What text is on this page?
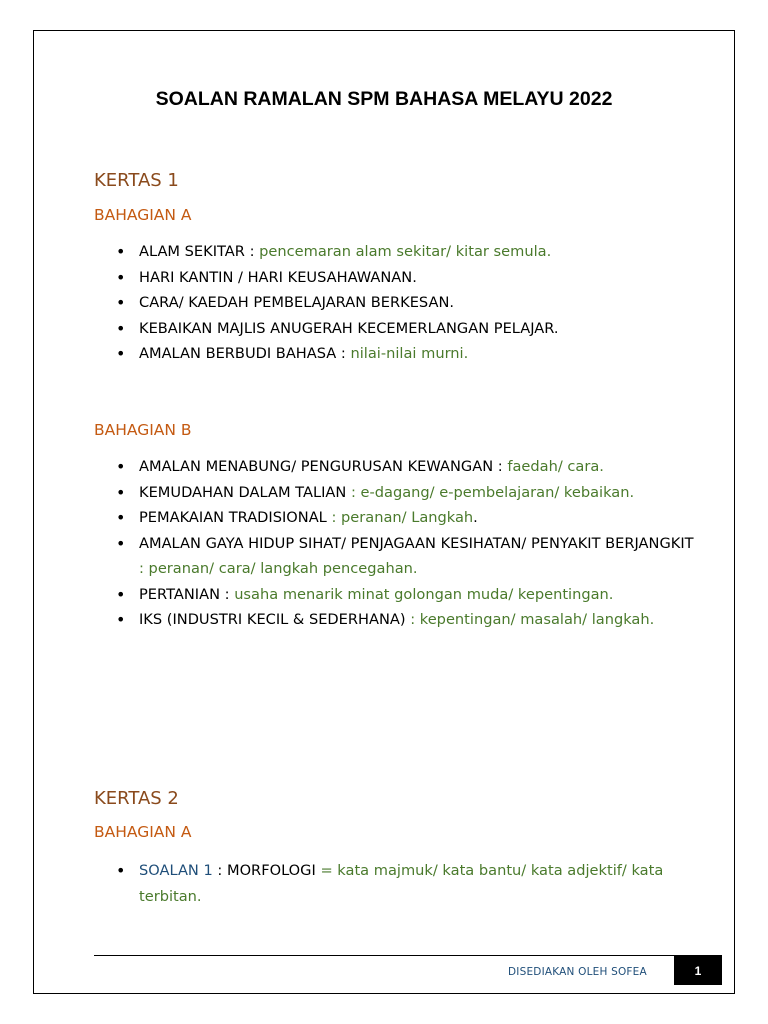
SOALAN RAMALAN SPM BAHASA MELAYU 2022
KERTAS 1
BAHAGIAN A
• ALAM SEKITAR : pencemaran alam sekitar/ kitar semula.
• HARI KANTIN / HARI KEUSAHAWANAN.
• CARA/ KAEDAH PEMBELAJARAN BERKESAN.
• KEBAIKAN MAJLIS ANUGERAH KECEMERLANGAN PELAJAR.
• AMALAN BERBUDI BAHASA : nilai-nilai murni.
BAHAGIAN B
• AMALAN MENABUNG/ PENGURUSAN KEWANGAN : faedah/ cara.
• KEMUDAHAN DALAM TALIAN : e-dagang/ e-pembelajaran/ kebaikan.
• PEMAKAIAN TRADISIONAL : peranan/ Langkah.
• AMALAN GAYA HIDUP SIHAT/ PENJAGAAN KESIHATAN/ PENYAKIT BERJANGKIT : peranan/ cara/ langkah pencegahan.
• PERTANIAN : usaha menarik minat golongan muda/ kepentingan.
• IKS (INDUSTRI KECIL & SEDERHANA) : kepentingan/ masalah/ langkah.
KERTAS 2
BAHAGIAN A
• SOALAN 1 : MORFOLOGI = kata majmuk/ kata bantu/ kata adjektif/ kata terbitan.
DISEDIAKAN OLEH SOFEA	1
